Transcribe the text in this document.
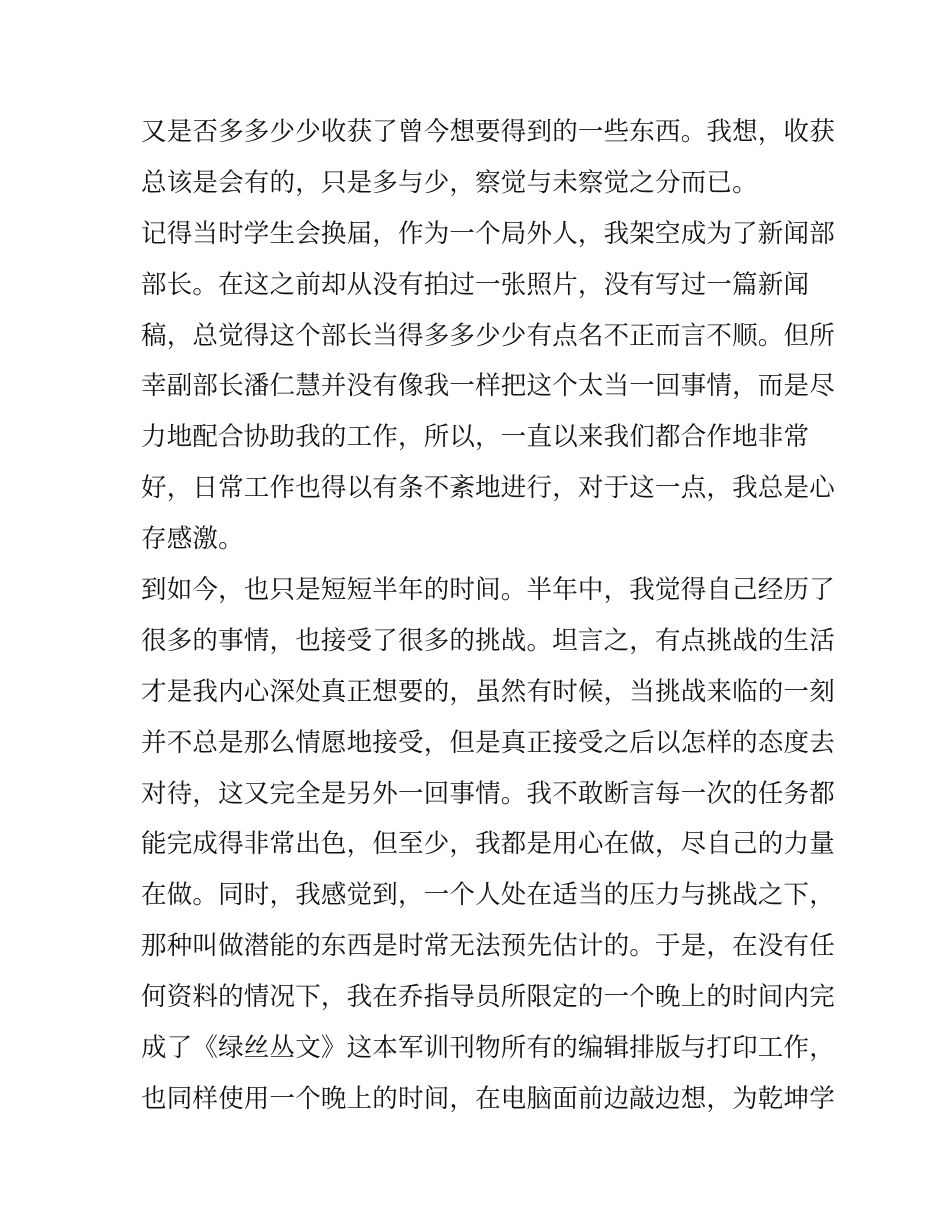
又是否多多少少收获了曾今想要得到的一些东西。我想，收获
总该是会有的，只是多与少，察觉与未察觉之分而已。
记得当时学生会换届，作为一个局外人，我架空成为了新闻部
部长。在这之前却从没有拍过一张照片，没有写过一篇新闻
稿，总觉得这个部长当得多多少少有点名不正而言不顺。但所
幸副部长潘仁慧并没有像我一样把这个太当一回事情，而是尽
力地配合协助我的工作，所以，一直以来我们都合作地非常
好，日常工作也得以有条不紊地进行，对于这一点，我总是心
存感激。
到如今，也只是短短半年的时间。半年中，我觉得自己经历了
很多的事情，也接受了很多的挑战。坦言之，有点挑战的生活
才是我内心深处真正想要的，虽然有时候，当挑战来临的一刻
并不总是那么情愿地接受，但是真正接受之后以怎样的态度去
对待，这又完全是另外一回事情。我不敢断言每一次的任务都
能完成得非常出色，但至少，我都是用心在做，尽自己的力量
在做。同时，我感觉到，一个人处在适当的压力与挑战之下，
那种叫做潜能的东西是时常无法预先估计的。于是，在没有任
何资料的情况下，我在乔指导员所限定的一个晚上的时间内完
成了《绿丝丛文》这本军训刊物所有的编辑排版与打印工作，
也同样使用一个晚上的时间，在电脑面前边敲边想，为乾坤学
